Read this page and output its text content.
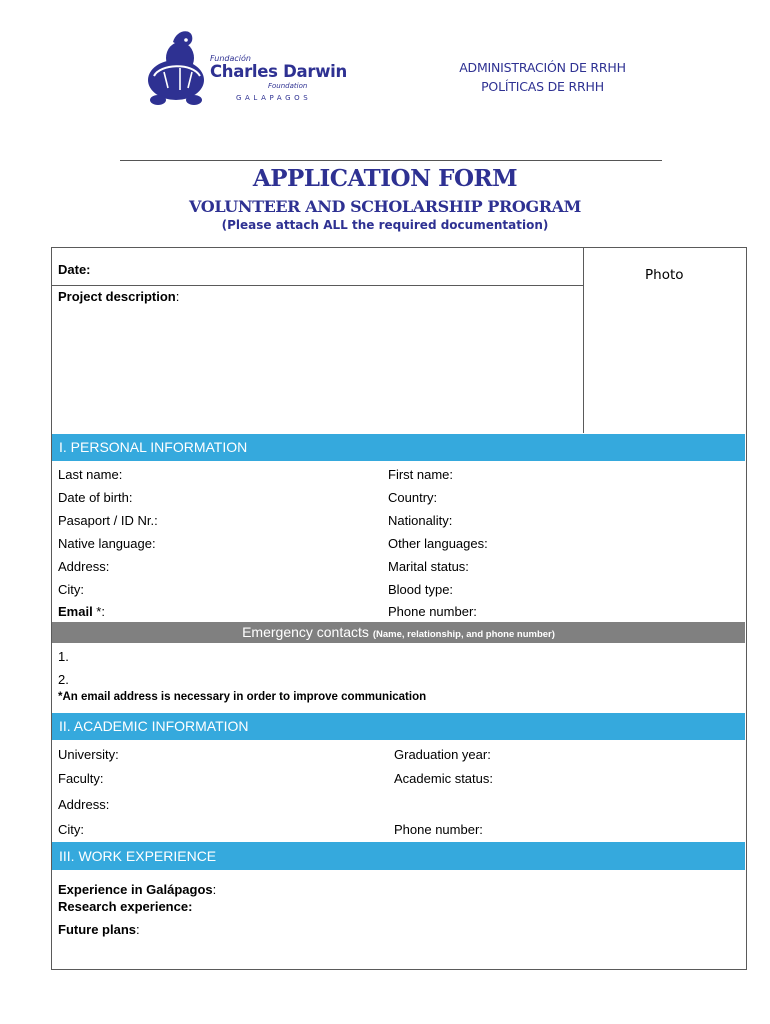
Fundación
Charles Darwin
Foundation
GALAPAGOS
ADMINISTRACIÓN DE RRHH
POLÍTICAS DE RRHH
APPLICATION FORM
VOLUNTEER AND SCHOLARSHIP PROGRAM
(Please attach ALL the required documentation)
Date:
Project description:
Photo
I. PERSONAL INFORMATION
Last name:
Date of birth:
Pasaport / ID Nr.:
Native language:
Address:
City:
Email *:
First name:
Country:
Nationality:
Other languages:
Marital status:
Blood type:
Phone number:
Emergency contacts (Name, relationship, and phone number)
1.
2.
*An email address is necessary in order to improve communication
II. ACADEMIC INFORMATION
University:
Faculty:
Address:
City:
Graduation year:
Academic status:
Phone number:
III. WORK EXPERIENCE
Experience in Galápagos:
Research experience:
Future plans:
